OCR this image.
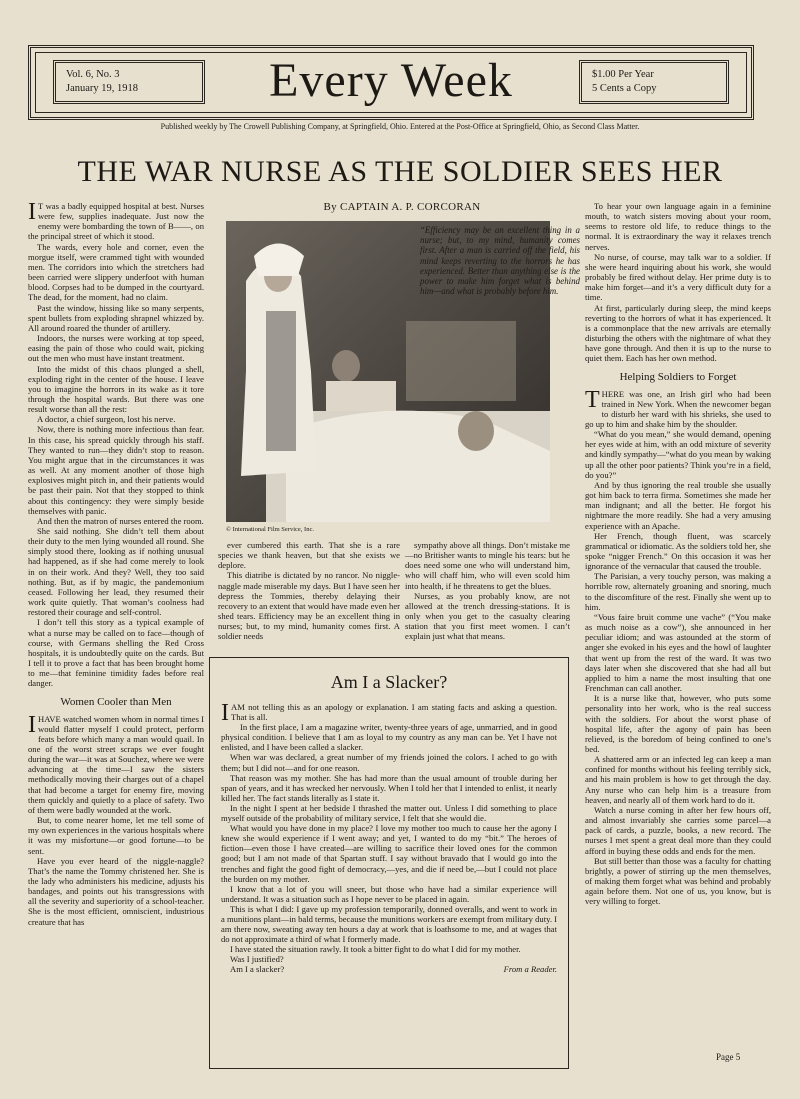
Vol. 6, No. 3
January 19, 1918	Every Week	$1.00 Per Year
5 Cents a Copy
Published weekly by The Crowell Publishing Company, at Springfield, Ohio. Entered at the Post-Office at Springfield, Ohio, as Second Class Matter.
THE WAR NURSE AS THE SOLDIER SEES HER
By CAPTAIN A. P. CORCORAN

I T was a badly equipped hospital at best. Nurses were few, supplies inadequate. Just now the enemy were bombarding the town of B——, on the principal street of which it stood.

The wards, every hole and corner, even the morgue itself, were crammed tight with wounded men. The corridors into which the stretchers had been carried were slippery underfoot with human blood. Corpses had to be dumped in the courtyard. The dead, for the moment, had no claim.

Past the window, hissing like so many serpents, spent bullets from exploding shrapnel whizzed by. All around roared the thunder of artillery.

Indoors, the nurses were working at top speed, easing the pain of those who could wait, picking out the men who must have instant treatment.

Into the midst of this chaos plunged a shell, exploding right in the center of the house. I leave you to imagine the horrors in its wake as it tore through the hospital wards. But there was one result worse than all the rest:

A doctor, a chief surgeon, lost his nerve.

Now, there is nothing more infectious than fear. In this case, his spread quickly through his staff. They wanted to run—they didn’t stop to reason. You might argue that in the circumstances it was as well. At any moment another of those high explosives might pitch in, and their patients would be past their pain. Not that they stopped to think about this contingency: they were simply beside themselves with panic.

And then the matron of nurses entered the room.

She said nothing. She didn’t tell them about their duty to the men lying wounded all round. She simply stood there, looking as if nothing unusual had happened, as if she had come merely to look in on their work. And they? Well, they too said nothing. But, as if by magic, the pandemonium ceased. Following her lead, they resumed their work quite quietly. That woman’s coolness had restored their courage and self-control.

I don’t tell this story as a typical example of what a nurse may be called on to face—though of course, with Germans shelling the Red Cross hospitals, it is undoubtedly quite on the cards. But I tell it to prove a fact that has been brought home to me—that feminine timidity fades before real danger.

Women Cooler than Men

IHAVE watched women whom in normal times I would flatter myself I could protect, perform feats before which many a man would quail. In one of the worst street scraps we ever fought during the war—it was at Souchez, where we were advancing at the time—I saw the sisters methodically moving their charges out of a chapel that had become a target for enemy fire, moving them quickly and quietly to a place of safety. Two of them were badly wounded at the work.

But, to come nearer home, let me tell some of my own experiences in the various hospitals where it was my misfortune—or good fortune—to be sent.

Have you ever heard of the niggle-naggle? That’s the name the Tommy christened her. She is the lady who administers his medicine, adjusts his bandages, and points out his transgressions with all the severity and superiority of a school-teacher. She is the most efficient, omniscient, industrious creature that has

© International Film Service, Inc.
“Efficiency may be an excellent thing in a nurse; but, to my mind, humanity comes first. After a man is carried off the field, his mind keeps reverting to the horrors he has experienced. Better than anything else is the power to make him forget what is behind him—and what is probably before him.

ever cumbered this earth. That she is a rare species we thank heaven, but that she exists we deplore.

This diatribe is dictated by no rancor. No niggle-naggle made miserable my days. But I have seen her depress the Tommies, thereby delaying their recovery to an extent that would have made even her shed tears. Efficiency may be an excellent thing in nurses; but, to my mind, humanity comes first. A soldier needs

sympathy above all things. Don’t mistake me—no Britisher wants to mingle his tears: but he does need some one who will understand him, who will chaff him, who will even scold him into health, if he threatens to get the blues.

Nurses, as you probably know, are not allowed at the trench dressing-stations. It is only when you get to the casualty clearing station that you first meet women. I can’t explain just what that means.

To hear your own language again in a feminine mouth, to watch sisters moving about your room, seems to restore old life, to reduce things to the normal. It is extraordinary the way it relaxes trench nerves.

No nurse, of course, may talk war to a soldier. If she were heard inquiring about his work, she would probably be fired without delay. Her prime duty is to make him forget—and it’s a very difficult duty for a time.

At first, particularly during sleep, the mind keeps reverting to the horrors of what it has experienced. It is a commonplace that the new arrivals are eternally disturbing the others with the nightmare of what they have gone through. And then it is up to the nurse to quiet them. Each has her own method.

Helping Soldiers to Forget

THERE was one, an Irish girl who had been trained in New York. When the newcomer began to disturb her ward with his shrieks, she used to go up to him and shake him by the shoulder.

“What do you mean,” she would demand, opening her eyes wide at him, with an odd mixture of severity and kindly sympathy—“what do you mean by waking up all the other poor patients? Think you’re in a field, do you?”

And by thus ignoring the real trouble she usually got him back to terra firma. Sometimes she made her man indignant; and all the better. He forgot his nightmare the more readily. She had a very amusing experience with an Apache.

Her French, though fluent, was scarcely grammatical or idiomatic. As the soldiers told her, she spoke “nigger French.” On this occasion it was her ignorance of the vernacular that caused the trouble.

The Parisian, a very touchy person, was making a horrible row, alternately groaning and snoring, much to the discomfiture of the rest. Finally she went up to him.

“Vous faire bruit comme une vache” (“You make as much noise as a cow”), she announced in her peculiar idiom; and was astounded at the storm of anger she evoked in his eyes and the howl of laughter that went up from the rest of the ward. It was two days later when she discovered that she had all but applied to him a name the most insulting that one Frenchman can call another.

It is a nurse like that, however, who puts some personality into her work, who is the real success with the soldiers. For about the worst phase of hospital life, after the agony of pain has been relieved, is the boredom of being confined to one’s bed.

A shattered arm or an infected leg can keep a man confined for months without his feeling terribly sick, and his main problem is how to get through the day. Any nurse who can help him is a treasure from heaven, and nearly all of them work hard to do it.

Watch a nurse coming in after her few hours off, and almost invariably she carries some parcel—a pack of cards, a puzzle, books, a new record. The nurses I met spent a great deal more than they could afford in buying these odds and ends for the men.

But still better than those was a faculty for chatting brightly, a power of stirring up the men themselves, of making them forget what was behind and probably again before them. Not one of us, you know, but is very willing to forget.

Am I a Slacker?

IAM not telling this as an apology or explanation. I am stating facts and asking a question. That is all.

In the first place, I am a magazine writer, twenty-three years of age, unmarried, and in good physical condition. I believe that I am as loyal to my country as any man can be. Yet I have not enlisted, and I have been called a slacker.

When war was declared, a great number of my friends joined the colors. I ached to go with them; but I did not—and for one reason.

That reason was my mother. She has had more than the usual amount of trouble during her span of years, and it has wrecked her nervously. When I told her that I intended to enlist, it nearly killed her. The fact stands literally as I state it.

In the night I spent at her bedside I thrashed the matter out. Unless I did something to place myself outside of the probability of military service, I felt that she would die.

What would you have done in my place? I love my mother too much to cause her the agony I knew she would experience if I went away; and yet, I wanted to do my “bit.” The heroes of fiction—even those I have created—are willing to sacrifice their loved ones for the common good; but I am not made of that Spartan stuff. I say without bravado that I would go into the trenches and fight the good fight of democracy,—yes, and die if need be,—but I could not place the burden on my mother.

I know that a lot of you will sneer, but those who have had a similar experience will understand. It was a situation such as I hope never to be placed in again.

This is what I did: I gave up my profession temporarily, donned overalls, and went to work in a munitions plant—in bald terms, because the munitions workers are exempt from military duty. I am there now, sweating away ten hours a day at work that is loathsome to me, and at wages that do not approximate a third of what I formerly made.

I have stated the situation rawly. It took a bitter fight to do what I did for my mother.

Was I justified?

Am I a slacker?	From a Reader.

Page 5
